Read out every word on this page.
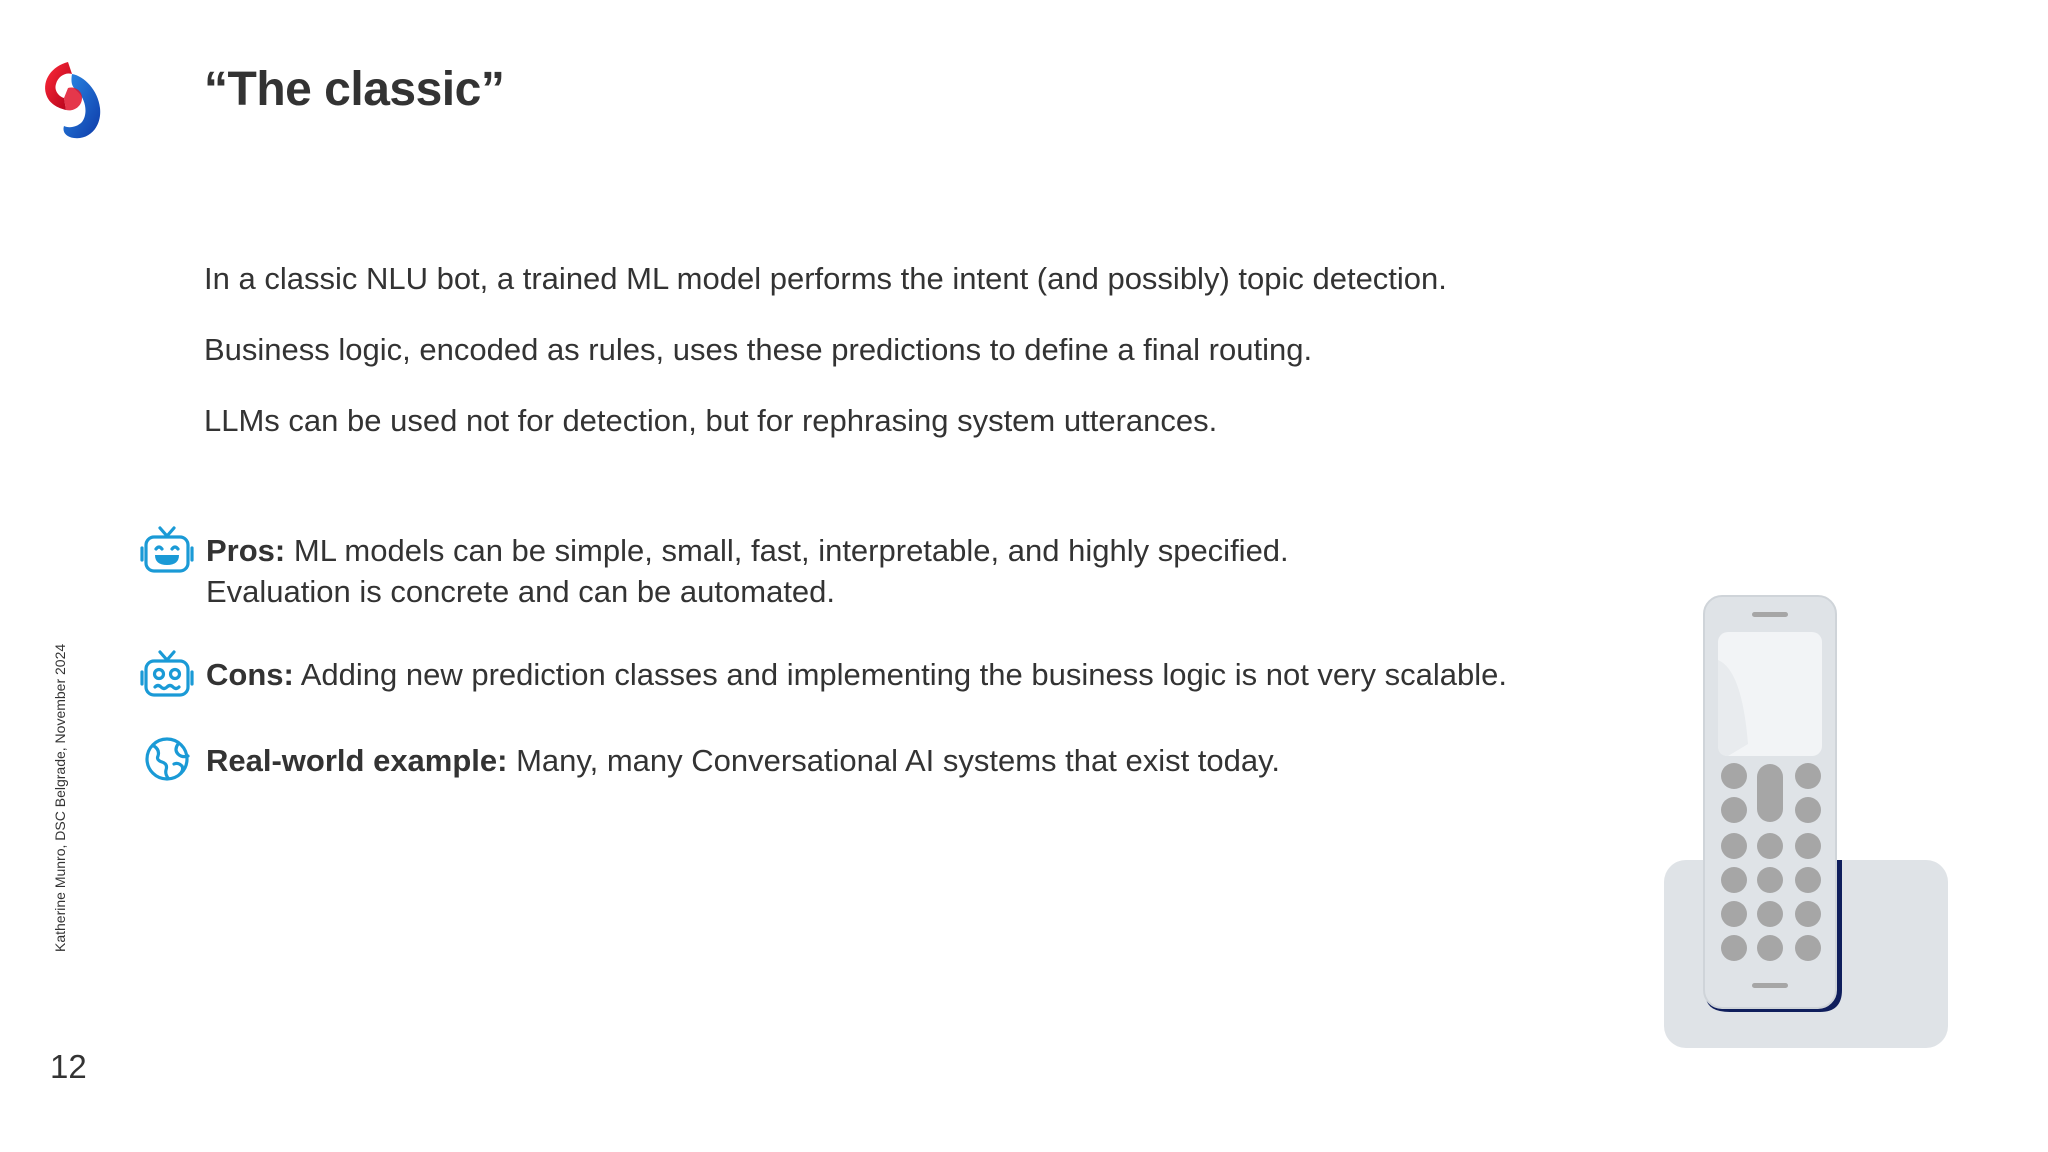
“The classic”

In a classic NLU bot, a trained ML model performs the intent (and possibly) topic detection.

Business logic, encoded as rules, uses these predictions to define a final routing.

LLMs can be used not for detection, but for rephrasing system utterances.

Pros: ML models can be simple, small, fast, interpretable, and highly specified.
Evaluation is concrete and can be automated.
Cons: Adding new prediction classes and implementing the business logic is not very scalable.
Real-world example: Many, many Conversational AI systems that exist today.
Katherine Munro, DSC Belgrade, November 2024
12
